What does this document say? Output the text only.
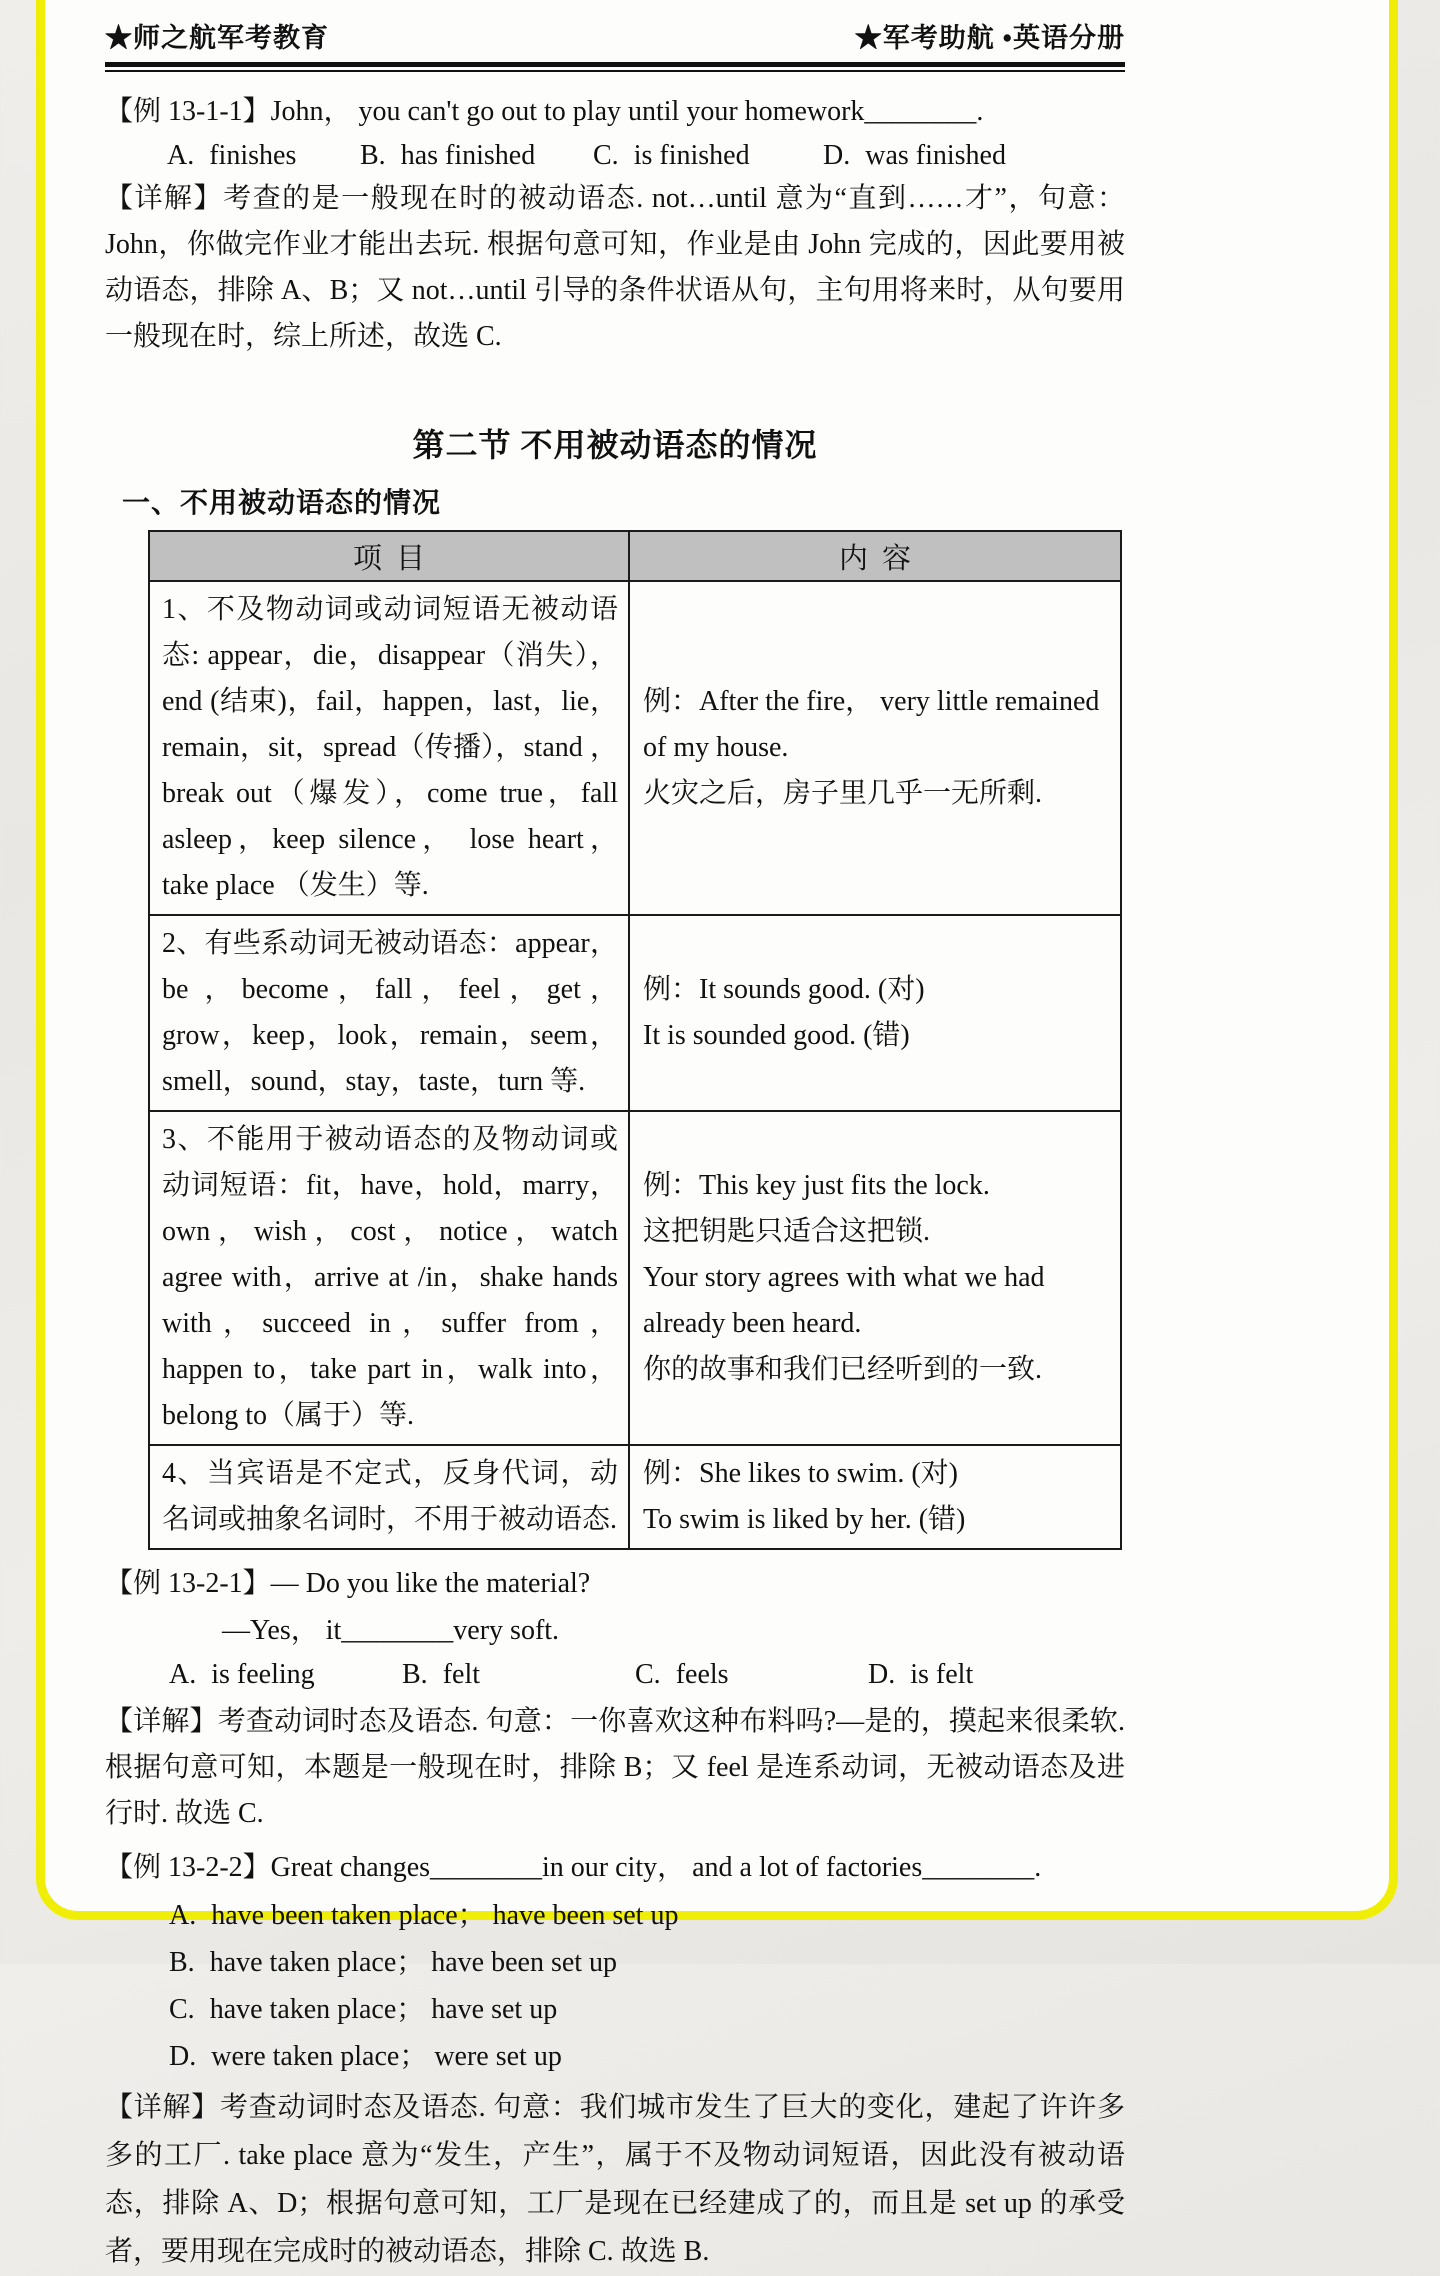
★师之航军考教育	★军考助航 •英语分册
【例 13-1-1】John， you can't go out to play until your homework________.
A. finishes	B. has finished	C. is finished	D. was finished
【详解】考查的是一般现在时的被动语态. not…until 意为“直到……才”，句意：John，你做完作业才能出去玩. 根据句意可知，作业是由 John 完成的，因此要用被动语态，排除 A、B；又 not…until 引导的条件状语从句，主句用将来时，从句要用一般现在时，综上所述，故选 C.
第二节 不用被动语态的情况
一、不用被动语态的情况
项目	内容
1、不及物动词或动词短语无被动语态: appear，die，disappear（消失），end (结束)，fail，happen，last，lie，remain，sit，spread（传播），stand ，break out（爆发），come true，fall asleep，keep silence， lose heart， take place （发生）等.	例：After the fire， very little remained of my house.

火灾之后，房子里几乎一无所剩.

2、有些系动词无被动语态：appear，be ，become，fall，feel，get，grow，keep，look，remain，seem，smell，sound，stay，taste，turn 等.	例：It sounds good. (对)

It is sounded good. (错)

3、不能用于被动语态的及物动词或动词短语：fit，have，hold，marry，own，wish，cost，notice，watch agree with，arrive at /in，shake hands with，succeed in，suffer from，happen to，take part in，walk into， belong to（属于）等.	例：This key just fits the lock.

这把钥匙只适合这把锁.

Your story agrees with what we had already been heard.

你的故事和我们已经听到的一致.

4、当宾语是不定式，反身代词，动名词或抽象名词时，不用于被动语态.	例：She likes to swim. (对)

To swim is liked by her. (错)

【例 13-2-1】— Do you like the material?
—Yes， it________very soft.
A. is feeling	B. felt	C. feels	D. is felt
【详解】考查动词时态及语态. 句意：一你喜欢这种布料吗?—是的，摸起来很柔软. 根据句意可知，本题是一般现在时，排除 B；又 feel 是连系动词，无被动语态及进行时. 故选 C.
【例 13-2-2】Great changes________in our city， and a lot of factories________.
A. have been taken place； have been set up
B. have taken place； have been set up
C. have taken place； have set up
D. were taken place； were set up
【详解】考查动词时态及语态. 句意：我们城市发生了巨大的变化，建起了许许多多的工厂. take place 意为“发生，产生”，属于不及物动词短语，因此没有被动语态，排除 A、D；根据句意可知，工厂是现在已经建成了的，而且是 set up 的承受者，要用现在完成时的被动语态，排除 C. 故选 B.
